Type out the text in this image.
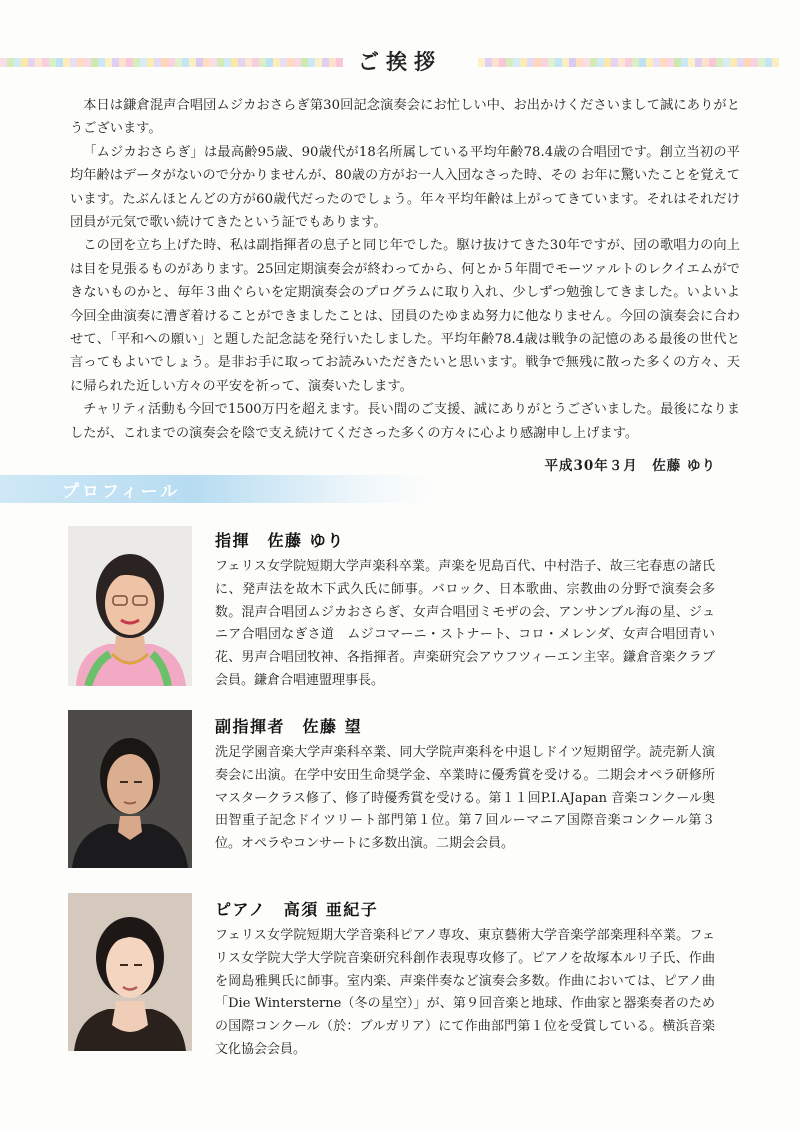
ご挨拶

本日は鎌倉混声合唱団ムジカおさらぎ第30回記念演奏会にお忙しい中、お出かけくださいまして誠にありがとうございます。

「ムジカおさらぎ」は最高齢95歳、90歳代が18名所属している平均年齢78.4歳の合唱団です。創立当初の平均年齢はデータがないので分かりませんが、80歳の方がお一人入団なさった時、その お年に驚いたことを覚えています。たぶんほとんどの方が60歳代だったのでしょう。年々平均年齢は上がってきています。それはそれだけ団員が元気で歌い続けてきたという証でもあります。

この団を立ち上げた時、私は副指揮者の息子と同じ年でした。駆け抜けてきた30年ですが、団の歌唱力の向上は目を見張るものがあります。25回定期演奏会が終わってから、何とか５年間でモーツァルトのレクイエムができないものかと、毎年３曲ぐらいを定期演奏会のプログラムに取り入れ、少しずつ勉強してきました。いよいよ今回全曲演奏に漕ぎ着けることができましたことは、団員のたゆまぬ努力に他なりません。今回の演奏会に合わせて、「平和への願い」と題した記念誌を発行いたしました。平均年齢78.4歳は戦争の記憶のある最後の世代と言ってもよいでしょう。是非お手に取ってお読みいただきたいと思います。戦争で無残に散った多くの方々、天に帰られた近しい方々の平安を祈って、演奏いたします。

チャリティ活動も今回で1500万円を超えます。長い間のご支援、誠にありがとうございました。最後になりましたが、これまでの演奏会を陰で支え続けてくださった多くの方々に心より感謝申し上げます。

平成30年３月　佐藤 ゆり
プロフィール
指揮　佐藤 ゆり

フェリス女学院短期大学声楽科卒業。声楽を児島百代、中村浩子、故三宅春恵の諸氏に、発声法を故木下武久氏に師事。バロック、日本歌曲、宗教曲の分野で演奏会多数。混声合唱団ムジカおさらぎ、女声合唱団ミモザの会、アンサンブル海の星、ジュニア合唱団なぎさ道　ムジコマーニ・ストナート、コロ・メレンダ、女声合唱団青い花、男声合唱団牧神、各指揮者。声楽研究会アウフツィーエン主宰。鎌倉音楽クラブ会員。鎌倉合唱連盟理事長。

副指揮者　佐藤 望

洗足学園音楽大学声楽科卒業、同大学院声楽科を中退しドイツ短期留学。読売新人演奏会に出演。在学中安田生命奨学金、卒業時に優秀賞を受ける。二期会オペラ研修所マスタークラス修了、修了時優秀賞を受ける。第１１回P.I.AJapan 音楽コンクール奥田智重子記念ドイツリート部門第１位。第７回ルーマニア国際音楽コンクール第３位。オペラやコンサートに多数出演。二期会会員。

ピアノ　高須 亜紀子

フェリス女学院短期大学音楽科ピアノ専攻、東京藝術大学音楽学部楽理科卒業。フェリス女学院大学大学院音楽研究科創作表現専攻修了。ピアノを故塚本ルリ子氏、作曲を岡島雅興氏に師事。室内楽、声楽伴奏など演奏会多数。作曲においては、ピアノ曲「Die Wintersterne（冬の星空）」が、第９回音楽と地球、作曲家と器楽奏者のための国際コンクール（於：ブルガリア）にて作曲部門第１位を受賞している。横浜音楽文化協会会員。
